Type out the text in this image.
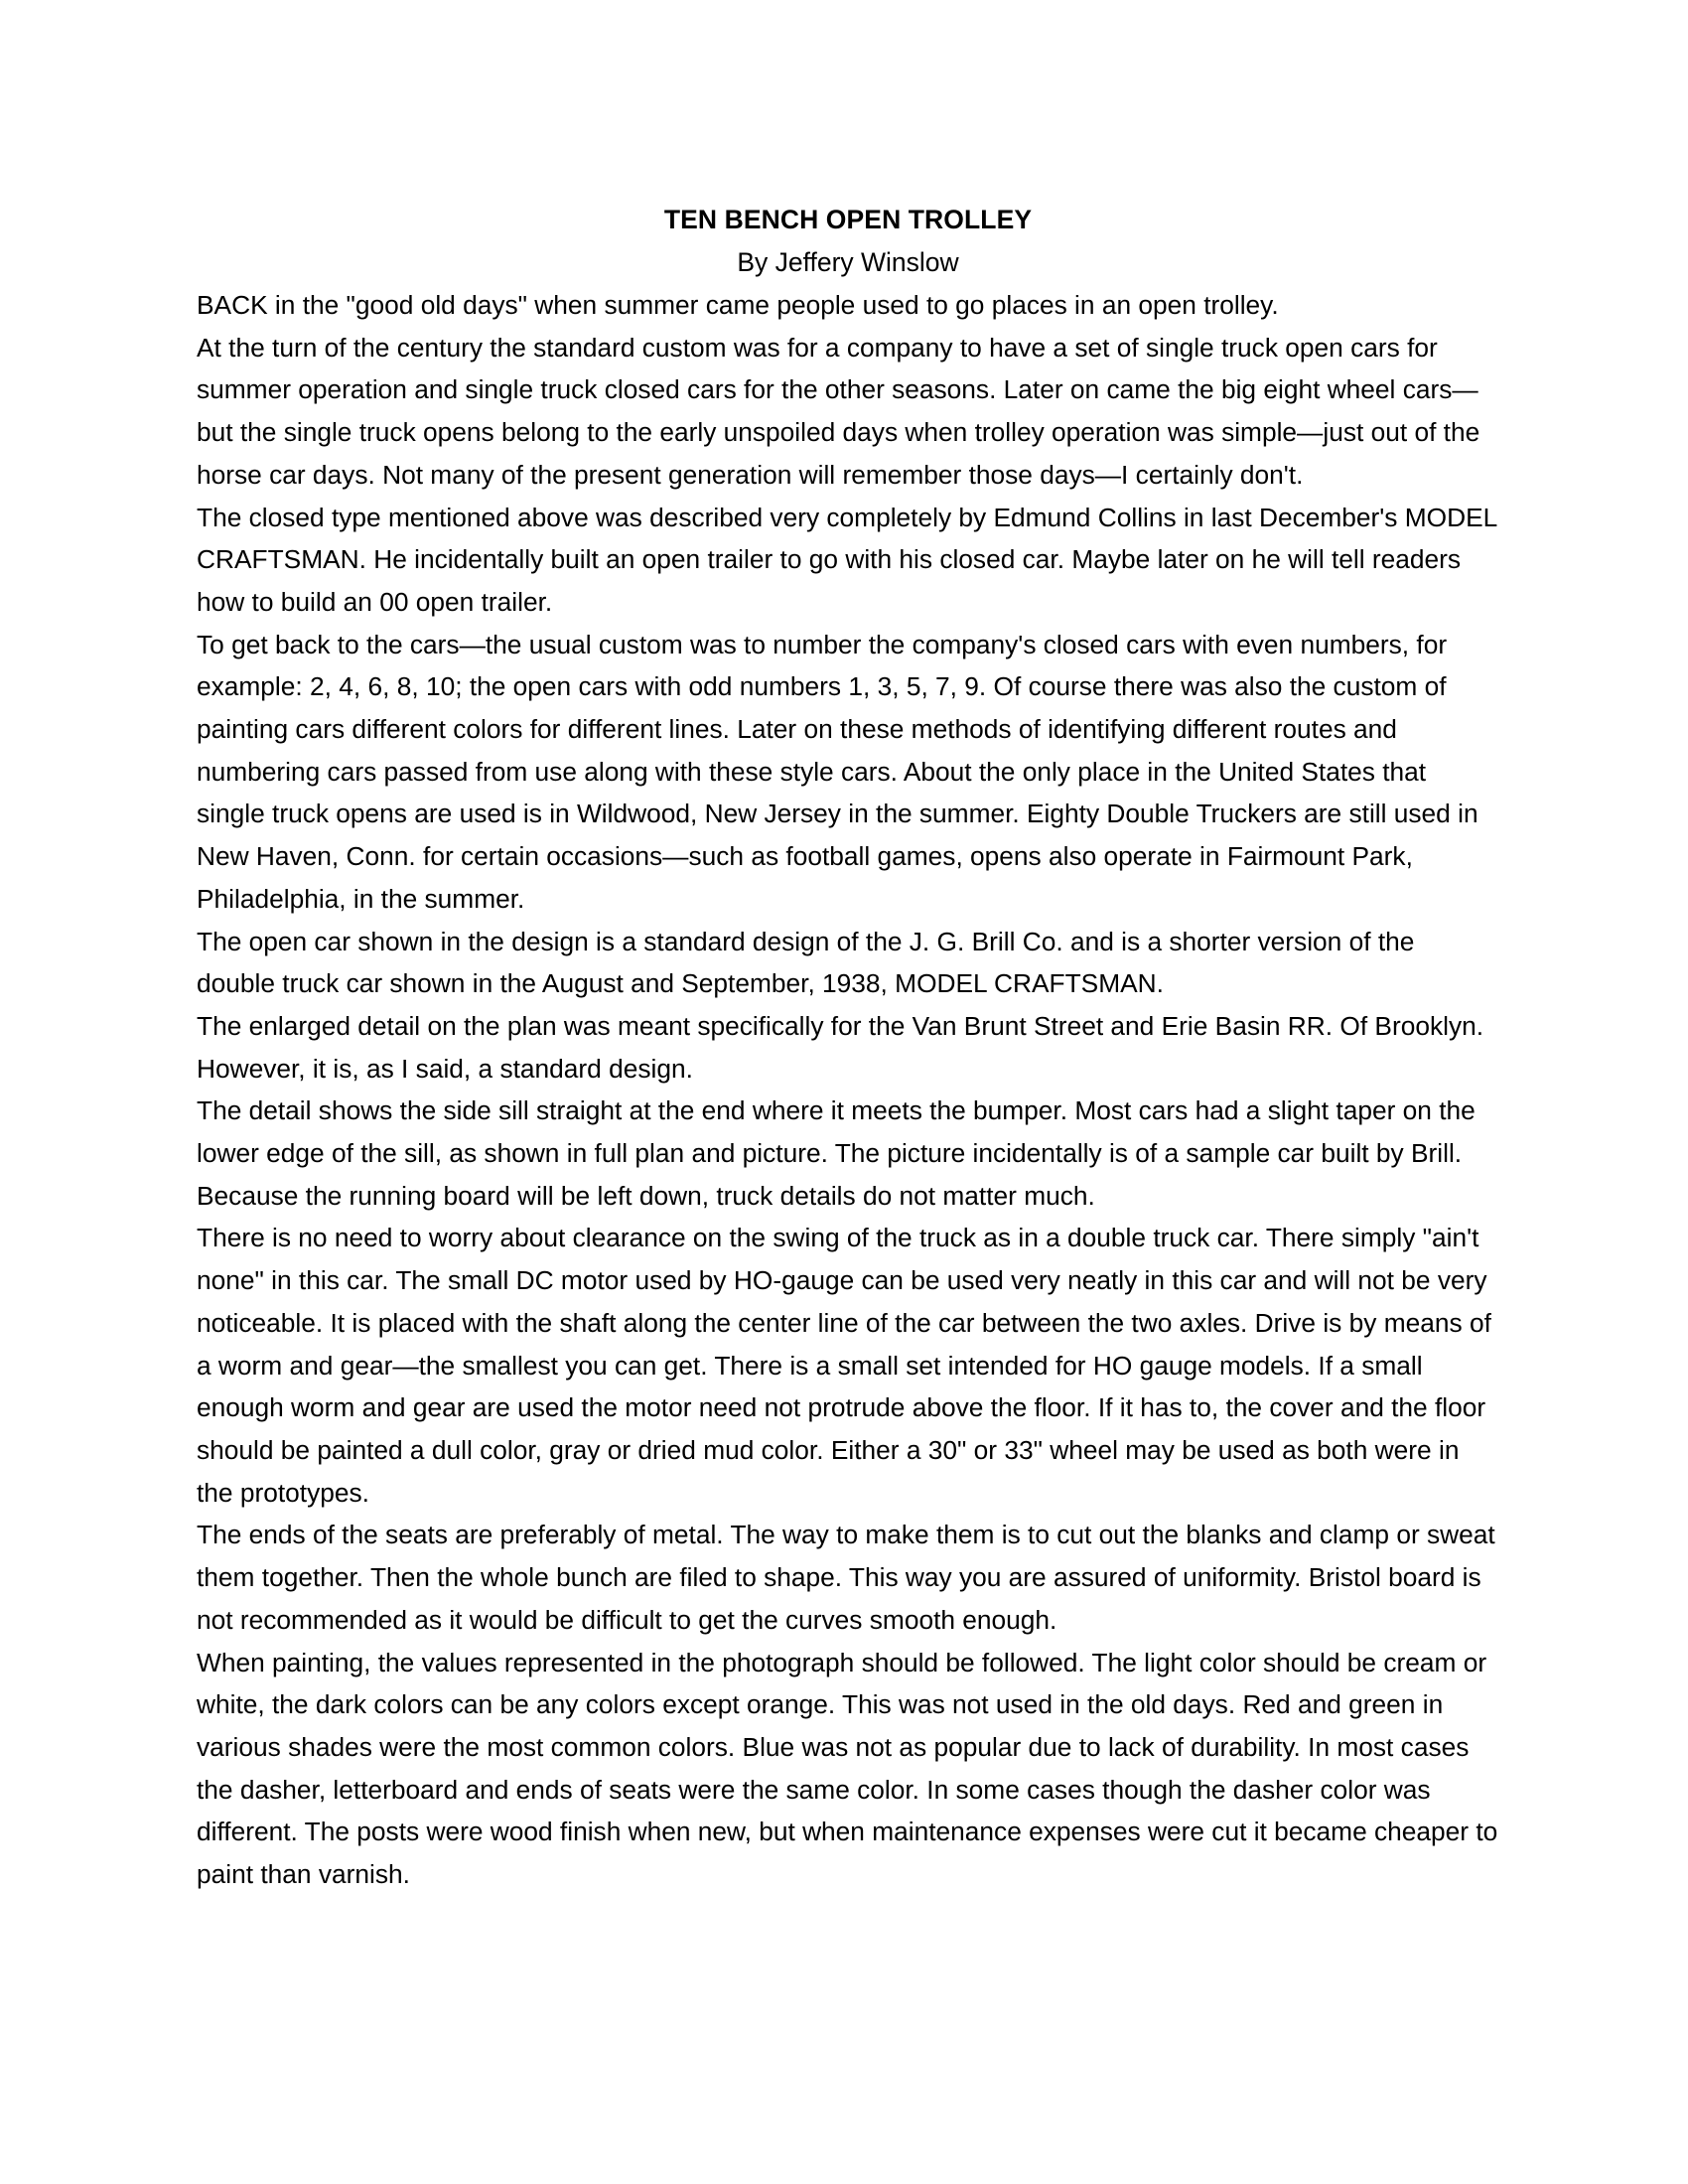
TEN BENCH OPEN TROLLEY
By Jeffery Winslow

BACK in the "good old days" when summer came people used to go places in an open trolley.

At the turn of the century the standard custom was for a company to have a set of single truck open cars for summer operation and single truck closed cars for the other seasons. Later on came the big eight wheel cars—but the single truck opens belong to the early unspoiled days when trolley operation was simple—just out of the horse car days. Not many of the present generation will remember those days—I certainly don't.

The closed type mentioned above was described very completely by Edmund Collins in last December's MODEL CRAFTSMAN. He incidentally built an open trailer to go with his closed car. Maybe later on he will tell readers how to build an 00 open trailer.

To get back to the cars—the usual custom was to number the company's closed cars with even numbers, for example: 2, 4, 6, 8, 10; the open cars with odd numbers 1, 3, 5, 7, 9. Of course there was also the custom of painting cars different colors for different lines. Later on these methods of identifying different routes and numbering cars passed from use along with these style cars. About the only place in the United States that single truck opens are used is in Wildwood, New Jersey in the summer. Eighty Double Truckers are still used in New Haven, Conn. for certain occasions—such as football games, opens also operate in Fairmount Park, Philadelphia, in the summer.

The open car shown in the design is a standard design of the J. G. Brill Co. and is a shorter version of the double truck car shown in the August and September, 1938, MODEL CRAFTSMAN.

The enlarged detail on the plan was meant specifically for the Van Brunt Street and Erie Basin RR. Of Brooklyn. However, it is, as I said, a standard design.

The detail shows the side sill straight at the end where it meets the bumper. Most cars had a slight taper on the lower edge of the sill, as shown in full plan and picture. The picture incidentally is of a sample car built by Brill. Because the running board will be left down, truck details do not matter much.

There is no need to worry about clearance on the swing of the truck as in a double truck car. There simply "ain't none" in this car. The small DC motor used by HO-gauge can be used very neatly in this car and will not be very noticeable. It is placed with the shaft along the center line of the car between the two axles. Drive is by means of a worm and gear—the smallest you can get. There is a small set intended for HO gauge models. If a small enough worm and gear are used the motor need not protrude above the floor. If it has to, the cover and the floor should be painted a dull color, gray or dried mud color. Either a 30" or 33" wheel may be used as both were in the prototypes.

The ends of the seats are preferably of metal. The way to make them is to cut out the blanks and clamp or sweat them together. Then the whole bunch are filed to shape. This way you are assured of uniformity. Bristol board is not recommended as it would be difficult to get the curves smooth enough.

When painting, the values represented in the photograph should be followed. The light color should be cream or white, the dark colors can be any colors except orange. This was not used in the old days. Red and green in various shades were the most common colors. Blue was not as popular due to lack of durability. In most cases the dasher, letterboard and ends of seats were the same color. In some cases though the dasher color was different. The posts were wood finish when new, but when maintenance expenses were cut it became cheaper to paint than varnish.
